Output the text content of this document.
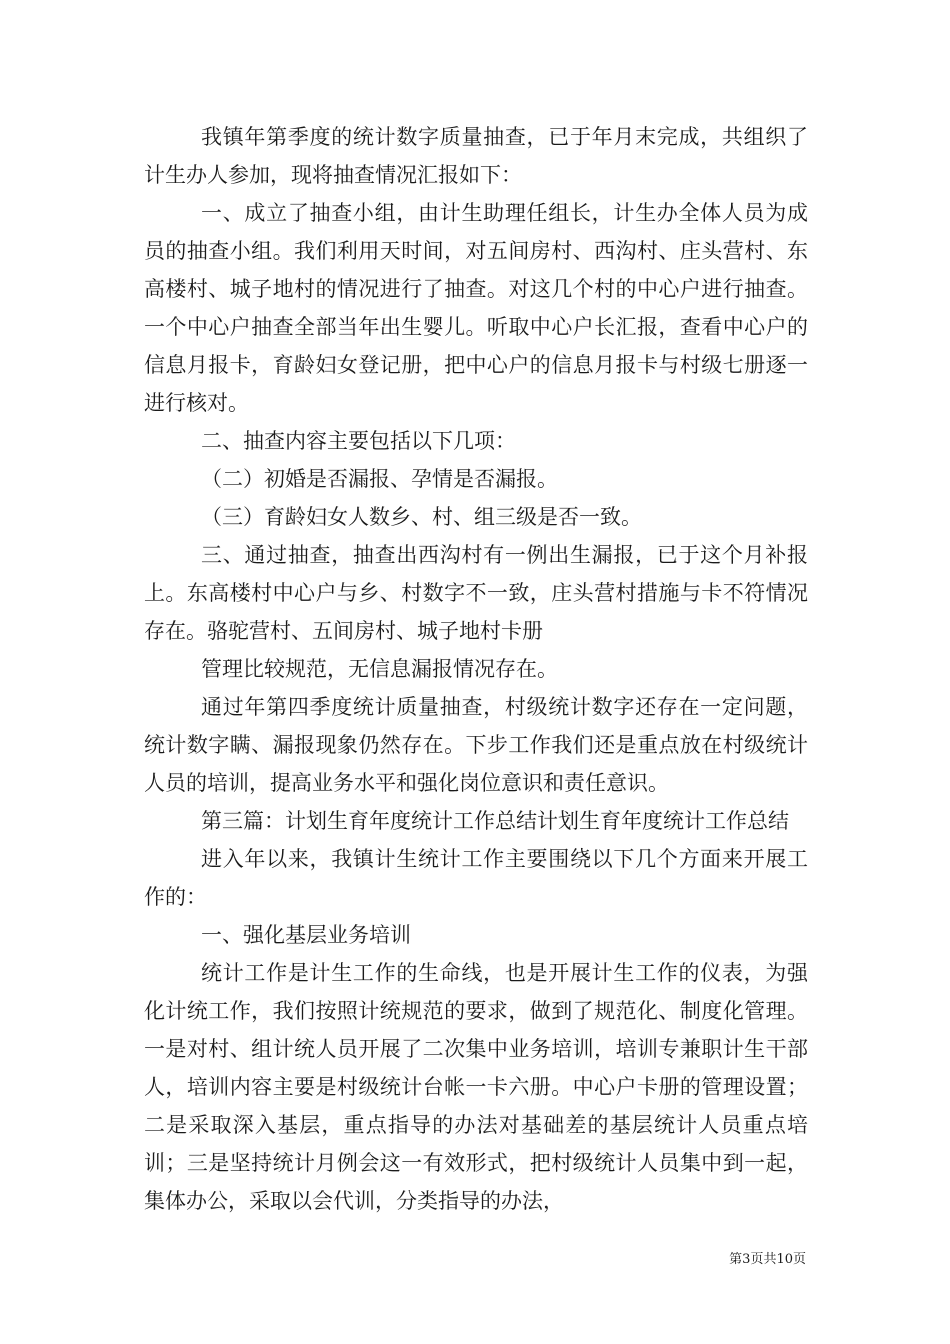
我镇年第季度的统计数字质量抽查，已于年月末完成，共组织了计生办人参加，现将抽查情况汇报如下：

一、成立了抽查小组，由计生助理任组长，计生办全体人员为成员的抽查小组。我们利用天时间，对五间房村、西沟村、庄头营村、东高楼村、城子地村的情况进行了抽查。对这几个村的中心户进行抽查。一个中心户抽查全部当年出生婴儿。听取中心户长汇报，查看中心户的信息月报卡，育龄妇女登记册，把中心户的信息月报卡与村级七册逐一进行核对。

二、抽查内容主要包括以下几项：

（二）初婚是否漏报、孕情是否漏报。

（三）育龄妇女人数乡、村、组三级是否一致。

三、通过抽查，抽查出西沟村有一例出生漏报，已于这个月补报上。东高楼村中心户与乡、村数字不一致，庄头营村措施与卡不符情况存在。骆驼营村、五间房村、城子地村卡册

管理比较规范，无信息漏报情况存在。

通过年第四季度统计质量抽查，村级统计数字还存在一定问题，统计数字瞒、漏报现象仍然存在。下步工作我们还是重点放在村级统计人员的培训，提高业务水平和强化岗位意识和责任意识。

第三篇：计划生育年度统计工作总结计划生育年度统计工作总结

进入年以来，我镇计生统计工作主要围绕以下几个方面来开展工作的：

一、强化基层业务培训

统计工作是计生工作的生命线，也是开展计生工作的仪表，为强化计统工作，我们按照计统规范的要求，做到了规范化、制度化管理。一是对村、组计统人员开展了二次集中业务培训，培训专兼职计生干部人，培训内容主要是村级统计台帐一卡六册。中心户卡册的管理设置；二是采取深入基层，重点指导的办法对基础差的基层统计人员重点培训；三是坚持统计月例会这一有效形式，把村级统计人员集中到一起，集体办公，采取以会代训，分类指导的办法，

第3页共10页
